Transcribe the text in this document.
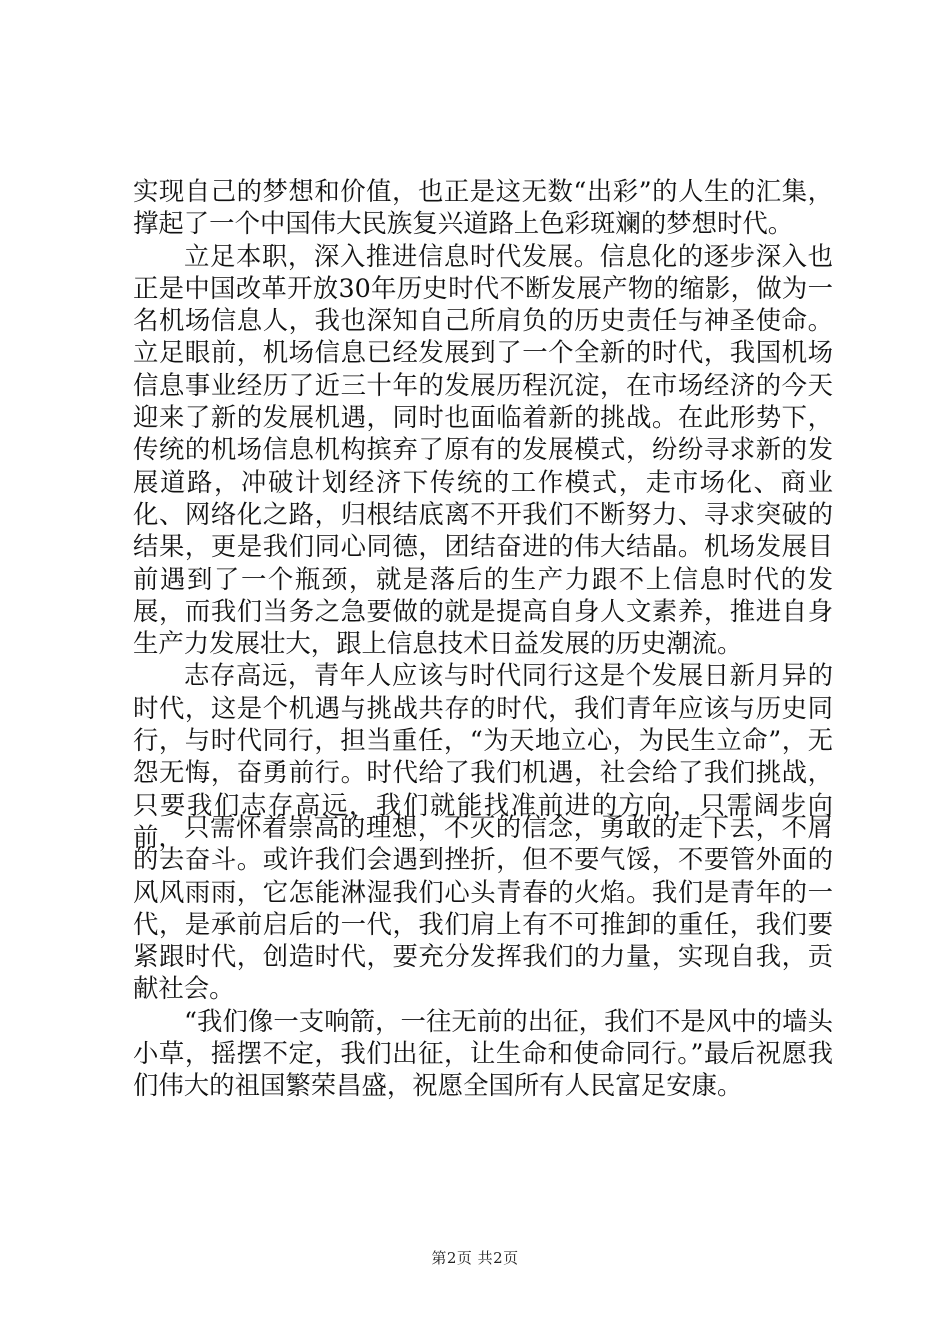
实现自己的梦想和价值，也正是这无数“出彩”的人生的汇集，撑起了一个中国伟大民族复兴道路上色彩斑斓的梦想时代。

立足本职，深入推进信息时代发展。信息化的逐步深入也正是中国改革开放30年历史时代不断发展产物的缩影，做为一名机场信息人，我也深知自己所肩负的历史责任与神圣使命。立足眼前，机场信息已经发展到了一个全新的时代，我国机场信息事业经历了近三十年的发展历程沉淀，在市场经济的今天迎来了新的发展机遇，同时也面临着新的挑战。在此形势下，传统的机场信息机构摈弃了原有的发展模式，纷纷寻求新的发展道路，冲破计划经济下传统的工作模式，走市场化、商业化、网络化之路，归根结底离不开我们不断努力、寻求突破的结果，更是我们同心同德，团结奋进的伟大结晶。机场发展目前遇到了一个瓶颈，就是落后的生产力跟不上信息时代的发展，而我们当务之急要做的就是提高自身人文素养，推进自身生产力发展壮大，跟上信息技术日益发展的历史潮流。

志存高远，青年人应该与时代同行这是个发展日新月异的时代，这是个机遇与挑战共存的时代，我们青年应该与历史同行，与时代同行，担当重任，“为天地立心，为民生立命”，无怨无悔，奋勇前行。时代给了我们机遇，社会给了我们挑战，只要我们志存高远，我们就能找准前进的方向，只需阔步向前， 只需怀着崇高的理想，不灭的信念，勇敢的走下去，不屑的去奋斗。或许我们会遇到挫折，但不要气馁，不要管外面的风风雨雨，它怎能淋湿我们心头青春的火焰。我们是青年的一代，是承前启后的一代，我们肩上有不可推卸的重任，我们要紧跟时代，创造时代，要充分发挥我们的力量，实现自我，贡献社会。

“我们像一支响箭，一往无前的出征，我们不是风中的墙头小草，摇摆不定，我们出征，让生命和使命同行。”最后祝愿我们伟大的祖国繁荣昌盛，祝愿全国所有人民富足安康。

第2页 共2页
